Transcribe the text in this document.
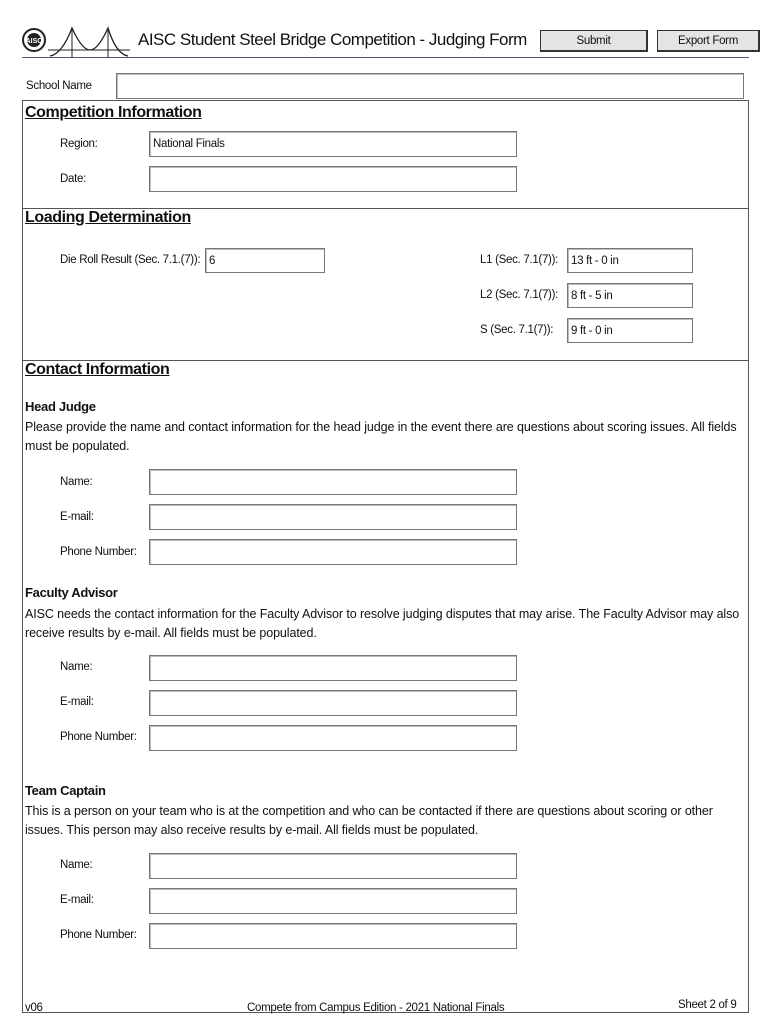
AISC	AISC Student Steel Bridge Competition - Judging Form	Submit	Export Form
School Name
Competition Information
Region:	National Finals
Date:
Loading Determination
Die Roll Result (Sec. 7.1.(7)): 6	L1 (Sec. 7.1(7)):	13 ft - 0 in
L2 (Sec. 7.1(7)):	8 ft - 5 in
S (Sec. 7.1(7)):	9 ft - 0 in
Contact Information
Head Judge
Please provide the name and contact information for the head judge in the event there are questions about scoring issues. All fields must be populated.
Name:
E-mail:
Phone Number:
Faculty Advisor
AISC needs the contact information for the Faculty Advisor to resolve judging disputes that may arise. The Faculty Advisor may also receive results by e-mail. All fields must be populated.
Name:
E-mail:
Phone Number:
Team Captain
This is a person on your team who is at the competition and who can be contacted if there are questions about scoring or other issues. This person may also receive results by e-mail. All fields must be populated.
Name:
E-mail:
Phone Number:
v06	Compete from Campus Edition - 2021 National Finals	Sheet 2 of 9
